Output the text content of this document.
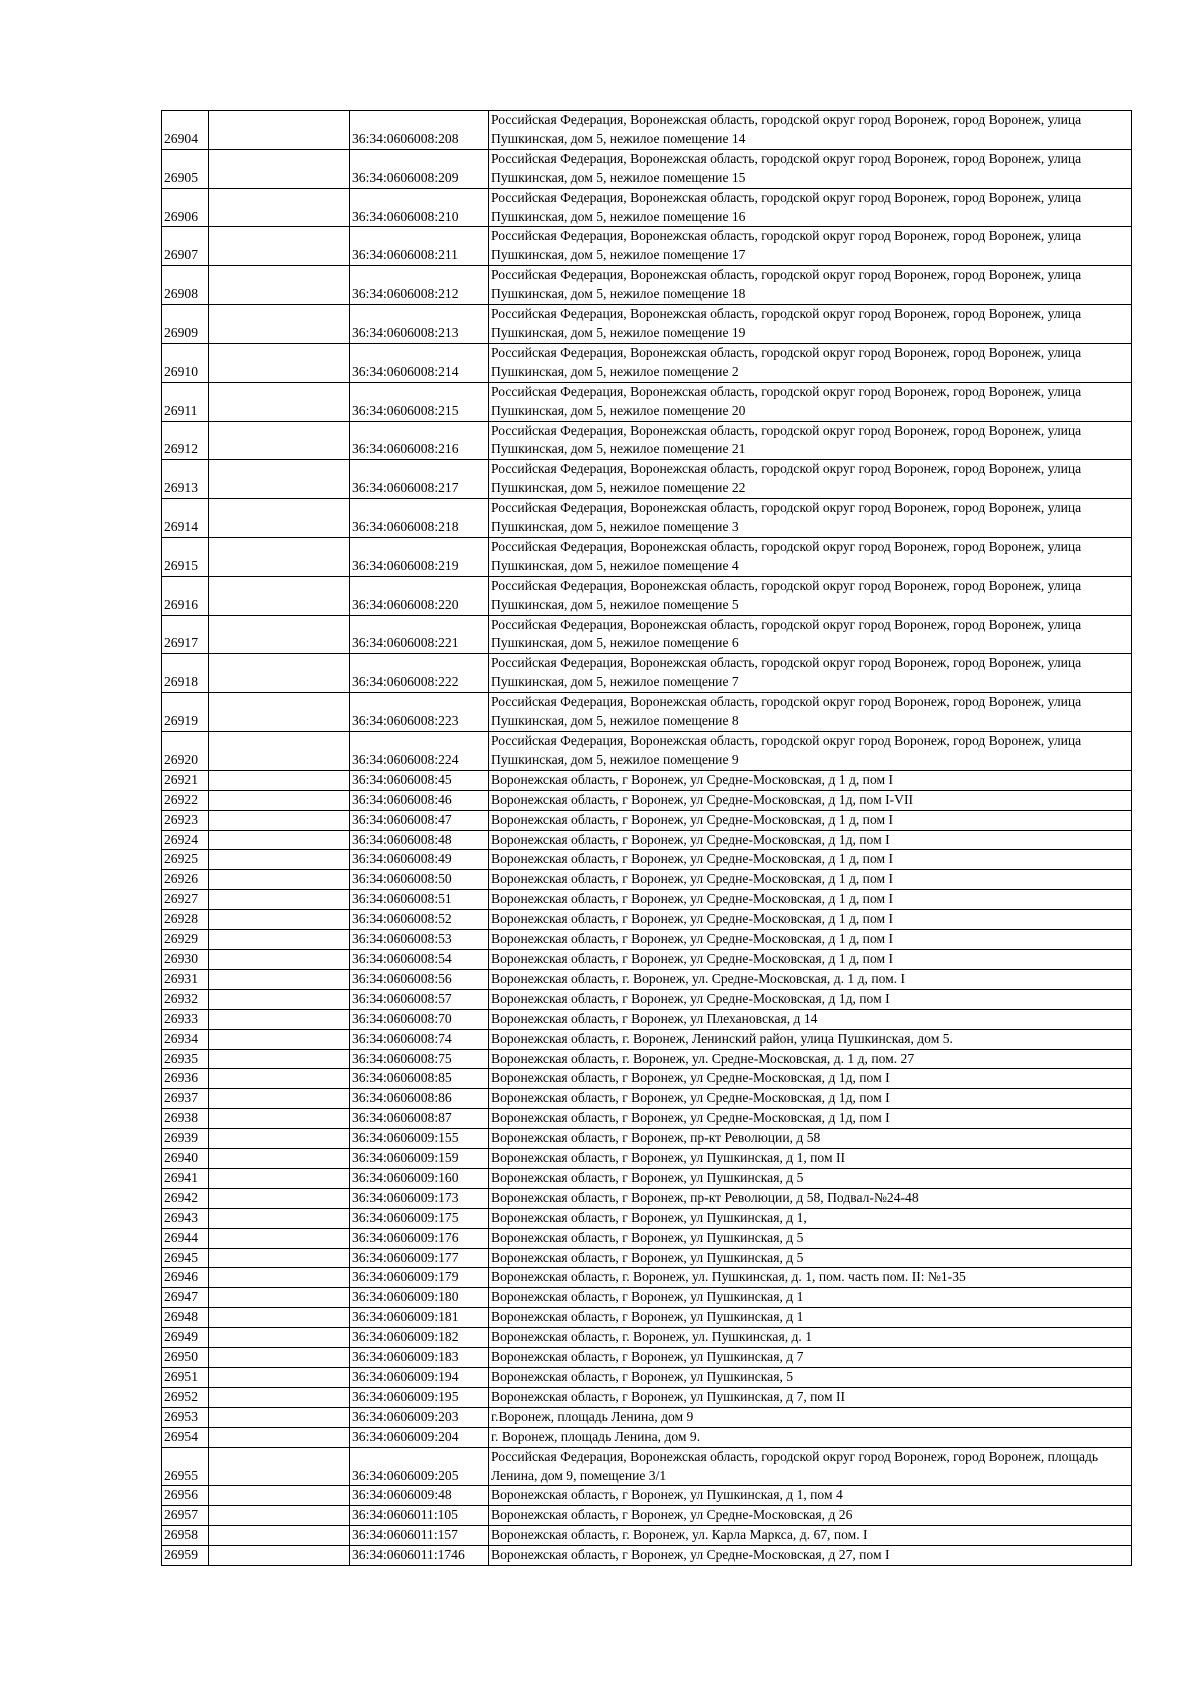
26904		36:34:0606008:208	Российская Федерация, Воронежская область, городской округ город Воронеж, город Воронеж, улица Пушкинская, дом 5, нежилое помещение 14
26905		36:34:0606008:209	Российская Федерация, Воронежская область, городской округ город Воронеж, город Воронеж, улица Пушкинская, дом 5, нежилое помещение 15
26906		36:34:0606008:210	Российская Федерация, Воронежская область, городской округ город Воронеж, город Воронеж, улица Пушкинская, дом 5, нежилое помещение 16
26907		36:34:0606008:211	Российская Федерация, Воронежская область, городской округ город Воронеж, город Воронеж, улица Пушкинская, дом 5, нежилое помещение 17
26908		36:34:0606008:212	Российская Федерация, Воронежская область, городской округ город Воронеж, город Воронеж, улица Пушкинская, дом 5, нежилое помещение 18
26909		36:34:0606008:213	Российская Федерация, Воронежская область, городской округ город Воронеж, город Воронеж, улица Пушкинская, дом 5, нежилое помещение 19
26910		36:34:0606008:214	Российская Федерация, Воронежская область, городской округ город Воронеж, город Воронеж, улица Пушкинская, дом 5, нежилое помещение 2
26911		36:34:0606008:215	Российская Федерация, Воронежская область, городской округ город Воронеж, город Воронеж, улица Пушкинская, дом 5, нежилое помещение 20
26912		36:34:0606008:216	Российская Федерация, Воронежская область, городской округ город Воронеж, город Воронеж, улица Пушкинская, дом 5, нежилое помещение 21
26913		36:34:0606008:217	Российская Федерация, Воронежская область, городской округ город Воронеж, город Воронеж, улица Пушкинская, дом 5, нежилое помещение 22
26914		36:34:0606008:218	Российская Федерация, Воронежская область, городской округ город Воронеж, город Воронеж, улица Пушкинская, дом 5, нежилое помещение 3
26915		36:34:0606008:219	Российская Федерация, Воронежская область, городской округ город Воронеж, город Воронеж, улица Пушкинская, дом 5, нежилое помещение 4
26916		36:34:0606008:220	Российская Федерация, Воронежская область, городской округ город Воронеж, город Воронеж, улица Пушкинская, дом 5, нежилое помещение 5
26917		36:34:0606008:221	Российская Федерация, Воронежская область, городской округ город Воронеж, город Воронеж, улица Пушкинская, дом 5, нежилое помещение 6
26918		36:34:0606008:222	Российская Федерация, Воронежская область, городской округ город Воронеж, город Воронеж, улица Пушкинская, дом 5, нежилое помещение 7
26919		36:34:0606008:223	Российская Федерация, Воронежская область, городской округ город Воронеж, город Воронеж, улица Пушкинская, дом 5, нежилое помещение 8
26920		36:34:0606008:224	Российская Федерация, Воронежская область, городской округ город Воронеж, город Воронеж, улица Пушкинская, дом 5, нежилое помещение 9
26921		36:34:0606008:45	Воронежская область, г Воронеж, ул Средне-Московская, д 1 д, пом I
26922		36:34:0606008:46	Воронежская область, г Воронеж, ул Средне-Московская, д 1д, пом I-VII
26923		36:34:0606008:47	Воронежская область, г Воронеж, ул Средне-Московская, д 1 д, пом I
26924		36:34:0606008:48	Воронежская область, г Воронеж, ул Средне-Московская, д 1д, пом I
26925		36:34:0606008:49	Воронежская область, г Воронеж, ул Средне-Московская, д 1 д, пом I
26926		36:34:0606008:50	Воронежская область, г Воронеж, ул Средне-Московская, д 1 д, пом I
26927		36:34:0606008:51	Воронежская область, г Воронеж, ул Средне-Московская, д 1 д, пом I
26928		36:34:0606008:52	Воронежская область, г Воронеж, ул Средне-Московская, д 1 д, пом I
26929		36:34:0606008:53	Воронежская область, г Воронеж, ул Средне-Московская, д 1 д, пом I
26930		36:34:0606008:54	Воронежская область, г Воронеж, ул Средне-Московская, д 1 д, пом I
26931		36:34:0606008:56	Воронежская область, г. Воронеж, ул. Средне-Московская, д. 1 д, пом. I
26932		36:34:0606008:57	Воронежская область, г Воронеж, ул Средне-Московская, д 1д, пом I
26933		36:34:0606008:70	Воронежская область, г Воронеж, ул Плехановская, д 14
26934		36:34:0606008:74	Воронежская область, г. Воронеж, Ленинский район, улица Пушкинская, дом 5.
26935		36:34:0606008:75	Воронежская область, г. Воронеж, ул. Средне-Московская, д. 1 д, пом. 27
26936		36:34:0606008:85	Воронежская область, г Воронеж, ул Средне-Московская, д 1д, пом I
26937		36:34:0606008:86	Воронежская область, г Воронеж, ул Средне-Московская, д 1д, пом I
26938		36:34:0606008:87	Воронежская область, г Воронеж, ул Средне-Московская, д 1д, пом I
26939		36:34:0606009:155	Воронежская область, г Воронеж, пр-кт Революции, д 58
26940		36:34:0606009:159	Воронежская область, г Воронеж, ул Пушкинская, д 1, пом II
26941		36:34:0606009:160	Воронежская область, г Воронеж, ул Пушкинская, д 5
26942		36:34:0606009:173	Воронежская область, г Воронеж, пр-кт Революции, д 58, Подвал-№24-48
26943		36:34:0606009:175	Воронежская область, г Воронеж, ул Пушкинская, д 1,
26944		36:34:0606009:176	Воронежская область, г Воронеж, ул Пушкинская, д 5
26945		36:34:0606009:177	Воронежская область, г Воронеж, ул Пушкинская, д 5
26946		36:34:0606009:179	Воронежская область, г. Воронеж, ул. Пушкинская, д. 1, пом. часть пом. II: №1-35
26947		36:34:0606009:180	Воронежская область, г Воронеж, ул Пушкинская, д 1
26948		36:34:0606009:181	Воронежская область, г Воронеж, ул Пушкинская, д 1
26949		36:34:0606009:182	Воронежская область, г. Воронеж, ул. Пушкинская, д. 1
26950		36:34:0606009:183	Воронежская область, г Воронеж, ул Пушкинская, д 7
26951		36:34:0606009:194	Воронежская область, г Воронеж, ул Пушкинская, 5
26952		36:34:0606009:195	Воронежская область, г Воронеж, ул Пушкинская, д 7, пом II
26953		36:34:0606009:203	г.Воронеж, площадь Ленина, дом 9
26954		36:34:0606009:204	г. Воронеж, площадь Ленина, дом 9.
26955		36:34:0606009:205	Российская Федерация, Воронежская область, городской округ город Воронеж, город Воронеж, площадь Ленина, дом 9, помещение 3/1
26956		36:34:0606009:48	Воронежская область, г Воронеж, ул Пушкинская, д 1, пом 4
26957		36:34:0606011:105	Воронежская область, г Воронеж, ул Средне-Московская, д 26
26958		36:34:0606011:157	Воронежская область, г. Воронеж, ул. Карла Маркса, д. 67, пом. I
26959		36:34:0606011:1746	Воронежская область, г Воронеж, ул Средне-Московская, д 27, пом I
